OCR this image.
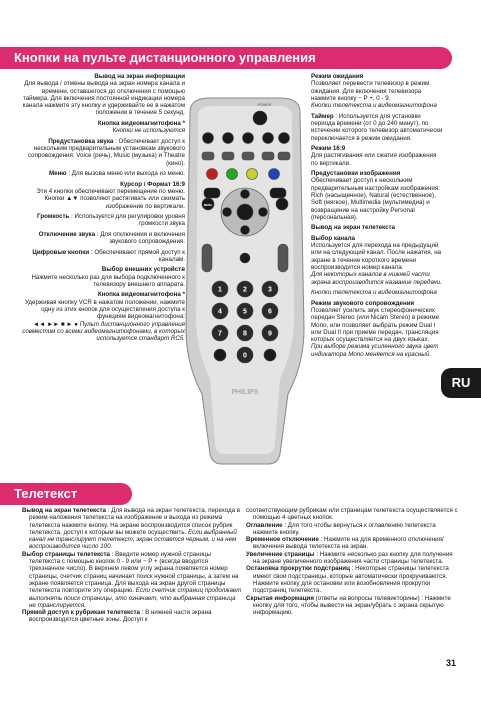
Кнопки на пульте дистанционного управления
Телетекст

Вывод на экран информации
Для вывода / отмены вывода на экран номера канала и времени, оставшегося до отключения с помощью таймера. Для включения постоянной индикации номера канала нажмите эту кнопку и удерживайте ее в нажатом положении в течение 5 секунд.

Кнопка видеомагнитофона *
Кнопки не используются

Предустановка звука : Обеспечивает доступ к нескольким предварительным установкам звукового сопровождения: Voice (речь), Music (музыка) и Theatre (кино).

Меню : Для вызова меню или выхода из меню.

Курсор / Формат 16:9
Эти 4 кнопки обеспечивают перемещение по меню. Кнопки ▲▼ позволяют растягивать или сжимать изображение по вертикали.

Громкость : Используется для регулировки уровня громкости звука

Отключение звука : Для отключения и включения звукового сопровождения.

Цифровые кнопки : Обеспечивают прямой доступ к каналам.

Выбор внешних устройств
Нажмите несколько раз для выбора подключенного к телевизору внешнего аппарата.

Кнопка видеомагнитофона *
Удерживая кнопку VCR в нажатом положении, нажмите одну из этих кнопок для осуществления доступа к функциям видеомагнитофона:
◄◄ ►► ■ ► ● Пульт дистанционного управления совместим со всеми видеомагнитофонами, в которых используется стандарт RC5.

Режим ожидания
Позволяет перевести телевизор в режим ожидания. Для включения телевизора нажмите кнопку − P +, 0 - 9.
Кнопки телетекста и видеомагнитофона

Таймер : Используется для установки периода времени (от 0 до 240 минут), по истечении которого телевизор автоматически переключается в режим ожидания.

Режим 16:9
Для растягивания или сжатия изображения по вертикали.

Предустановки изображения
Обеспечивает доступ к нескольким предварительным настройкам изображения: Rich (насыщенное), Natural (естественное), Soft (мягкое), Multimedia (мультимедиа) и возвращение на настройку Personal (персональная).

Вывод на экран телетекста

Выбор канала
Используется для перехода на предыдущий или на следующий канал. После нажатия, на экране в течение короткого времени воспроизводится номер канала.
Для некоторых каналов в нижней части экрана воспроизводится название передачи.

Кнопки телетекста и видеомагнитофона

Режим звукового сопровождения
Позволяет усилить звук стереофонических передач Stereo (или Nicam Stereo) в режиме Mono, или позволяет выбрать режим Dual I или Dual II при приеме передач, трансляция которых осуществляется на двух языках.
При выборе режима усиленного звука цвет индикатора Mono меняется на красный.

POWER
MENU
1	2	3
4	5	6
7	8	9
0
PHILIPS
RU

Вывод на экран телетекста : Для вывода на экран телетекста, перехода в режим наложения телетекста на изображение и выхода из режима телетекста нажмите кнопку. На экране воспроизводится список рубрик телетекста, доступ к которым вы можете осуществить. Если выбранный канал не транслирует телетекст, экран остается черным, и на нем воспроизводится число 100.

Выбор страницы телетекста : Введите номер нужной страницы телетекста с помощью кнопок 0 - 9 или − P + (всегда вводится трехзначное число). В верхнем левом углу экрана появляется номер страницы, счетчик страниц начинает поиск нужной страницы, а затем на экране появляется страница. Для выхода на экран другой страницы телетекста повторите эту операцию. Если счетчик страниц продолжает выполнять поиск страницы, это означает, что выбранная страница не транслируется.

Прямой доступ к рубрикам телетекста : В нижней части экрана воспроизводятся цветные зоны. Доступ к

соответствующим рубрикам или страницам телетекста осуществляется с помощью 4 цветных кнопок.

Оглавление : Для того чтобы вернуться к оглавлению телетекста нажмите кнопку.

Временное отключение : Нажмите на для временного отключения/включения вывода телетекста на экран.

Увеличение страницы : Нажмите несколько раз кнопку для получения на экране увеличенного изображения части страницы телетекста.

Остановка прокрутки подстраниц : Некоторые страницы телетекста имеют свои подстраницы, которые автоматически прокручиваются. Нажмите кнопку для остановки или возобновления прокрутки подстраниц телетекста.

Скрытая информация (ответы на вопросы телевикторины) : Нажмите кнопку для того, чтобы вывести на экран/убрать с экрана скрытую информацию.

31
